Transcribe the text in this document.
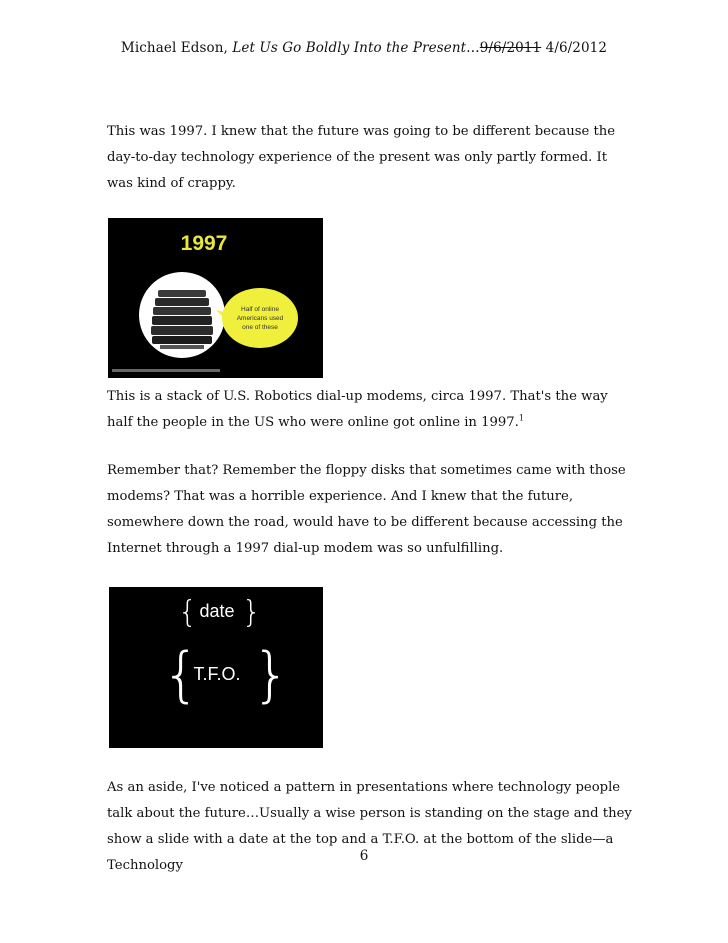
Michael Edson, Let Us Go Boldly Into the Present…9/6/2011 4/6/2012

This was 1997. I knew that the future was going to be different because the day-to-day technology experience of the present was only partly formed. It was kind of crappy.

1997
Half of online
Americans used
one of these

This is a stack of U.S. Robotics dial-up modems, circa 1997. That's the way half the people in the US who were online got online in 1997.$^1$

Remember that? Remember the floppy disks that sometimes came with those modems? That was a horrible experience. And I knew that the future, somewhere down the road, would have to be different because accessing the Internet through a 1997 dial-up modem was so unfulfilling.

{ date }
{
T.F.O. }

As an aside, I've noticed a pattern in presentations where technology people talk about the future…Usually a wise person is standing on the stage and they show a slide with a date at the top and a T.F.O. at the bottom of the slide—a Technology

6
